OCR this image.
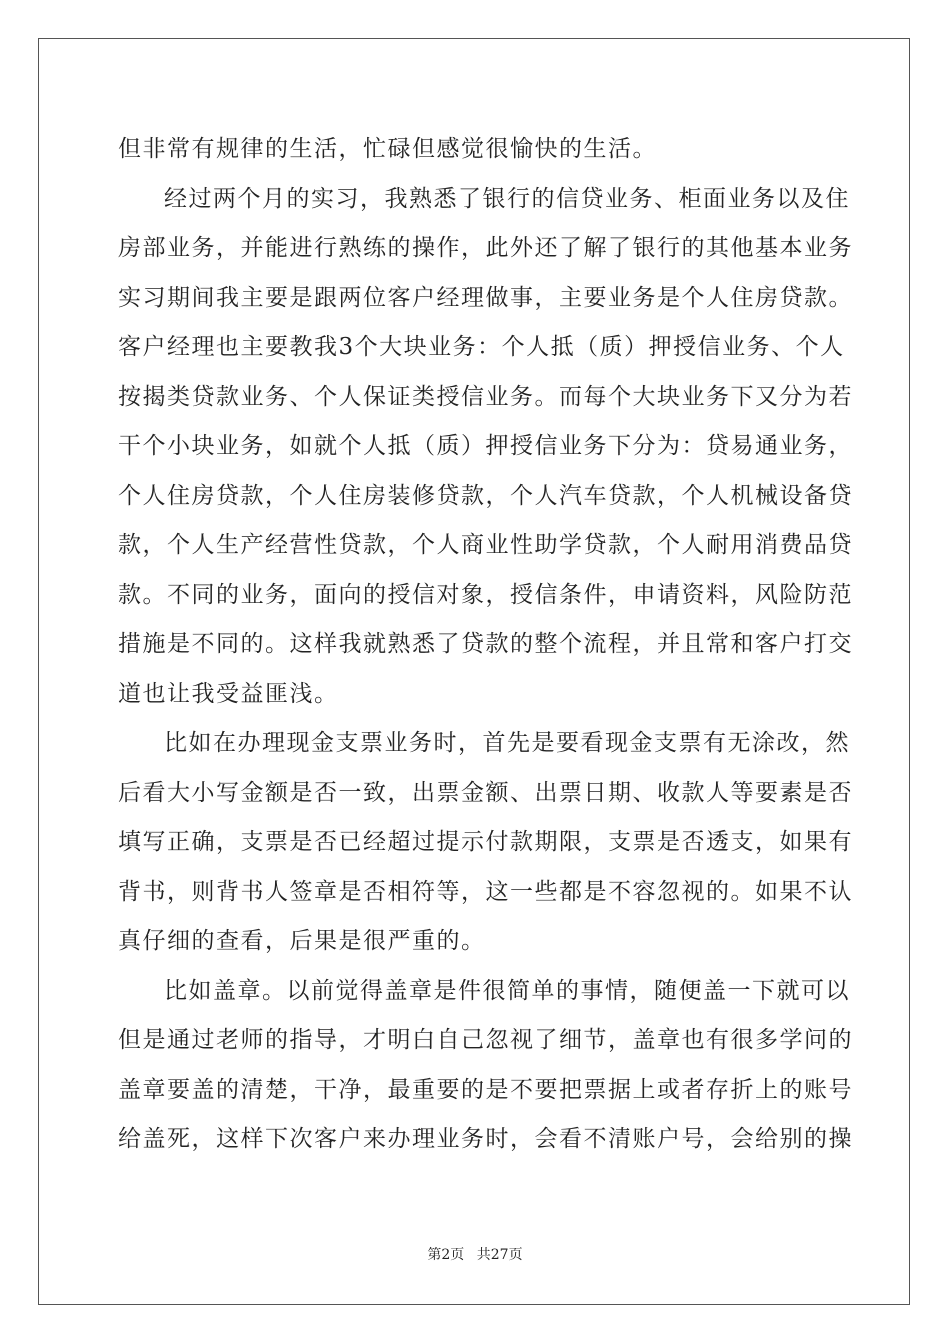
但非常有规律的生活，忙碌但感觉很愉快的生活。
经过两个月的实习，我熟悉了银行的信贷业务、柜面业务以及住
房部业务，并能进行熟练的操作，此外还了解了银行的其他基本业务
实习期间我主要是跟两位客户经理做事，主要业务是个人住房贷款。
客户经理也主要教我3个大块业务：个人抵（质）押授信业务、个人
按揭类贷款业务、个人保证类授信业务。而每个大块业务下又分为若
干个小块业务，如就个人抵（质）押授信业务下分为：贷易通业务，
个人住房贷款，个人住房装修贷款，个人汽车贷款，个人机械设备贷
款，个人生产经营性贷款，个人商业性助学贷款，个人耐用消费品贷
款。不同的业务，面向的授信对象，授信条件，申请资料，风险防范
措施是不同的。这样我就熟悉了贷款的整个流程，并且常和客户打交
道也让我受益匪浅。
比如在办理现金支票业务时，首先是要看现金支票有无涂改，然
后看大小写金额是否一致，出票金额、出票日期、收款人等要素是否
填写正确，支票是否已经超过提示付款期限，支票是否透支，如果有
背书，则背书人签章是否相符等，这一些都是不容忽视的。如果不认
真仔细的查看，后果是很严重的。
比如盖章。以前觉得盖章是件很简单的事情，随便盖一下就可以
但是通过老师的指导，才明白自己忽视了细节，盖章也有很多学问的
盖章要盖的清楚，干净，最重要的是不要把票据上或者存折上的账号
给盖死，这样下次客户来办理业务时，会看不清账户号，会给别的操
第2页 共27页
